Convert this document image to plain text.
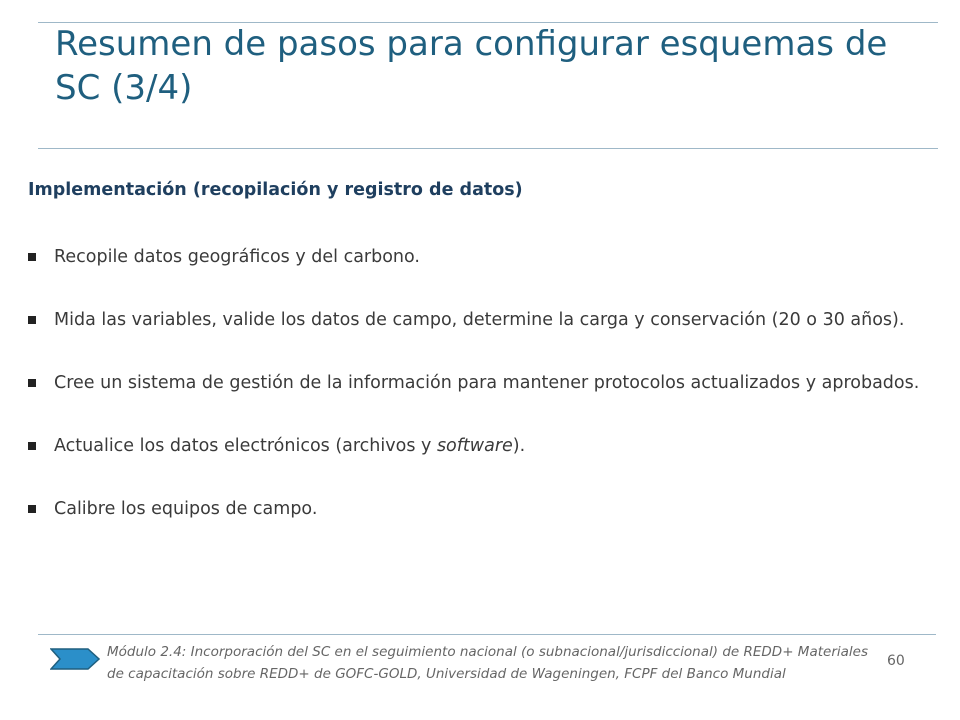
Resumen de pasos para configurar esquemas de SC (3/4)
Implementación (recopilación y registro de datos)
Recopile datos geográficos y del carbono.
Mida las variables, valide los datos de campo, determine la carga y conservación (20 o 30 años).
Cree un sistema de gestión de la información para mantener protocolos actualizados y aprobados.
Actualice los datos electrónicos (archivos y software).
Calibre los equipos de campo.
Módulo 2.4: Incorporación del SC en el seguimiento nacional (o subnacional/jurisdiccional) de REDD+ Materiales de capacitación sobre REDD+ de GOFC-GOLD, Universidad de Wageningen, FCPF del Banco Mundial
60
